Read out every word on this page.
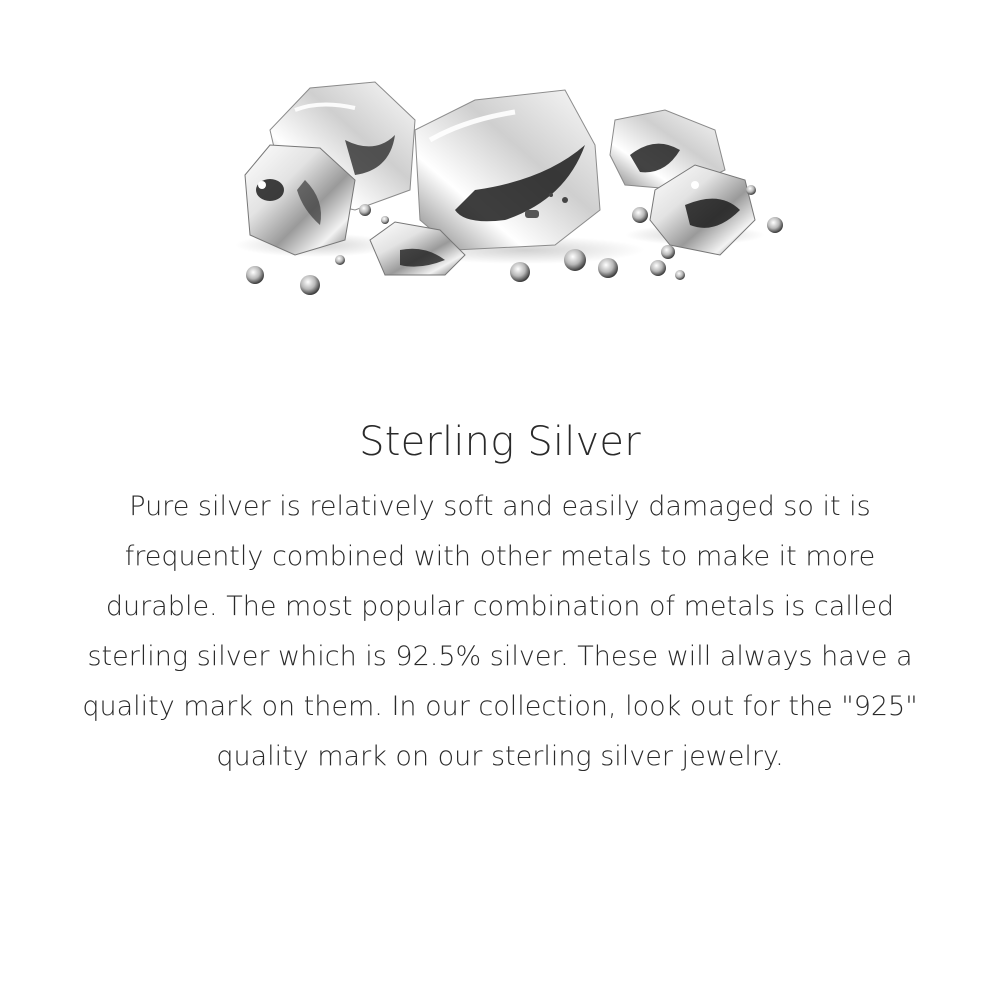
Sterling Silver

Pure silver is relatively soft and easily damaged so it is frequently combined with other metals to make it more durable. The most popular combination of metals is called sterling silver which is 92.5% silver. These will always have a quality mark on them. In our collection, look out for the "925" quality mark on our sterling silver jewelry.
